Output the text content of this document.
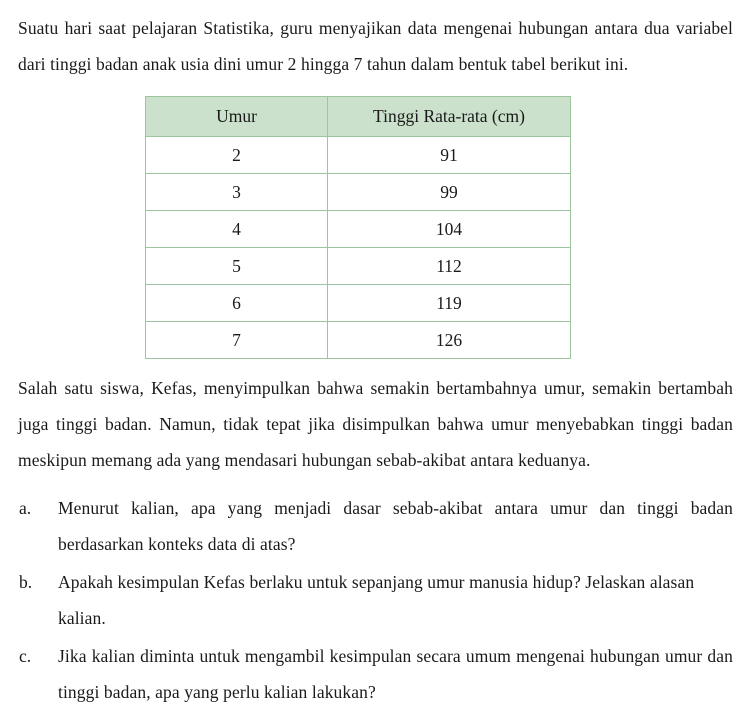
Suatu hari saat pelajaran Statistika, guru menyajikan data mengenai hubungan antara dua variabel dari tinggi badan anak usia dini umur 2 hingga 7 tahun dalam bentuk tabel berikut ini.

Umur	Tinggi Rata-rata (cm)
2	91
3	99
4	104
5	112
6	119
7	126

Salah satu siswa, Kefas, menyimpulkan bahwa semakin bertambahnya umur, semakin bertambah juga tinggi badan. Namun, tidak tepat jika disimpulkan bahwa umur menyebabkan tinggi badan meskipun memang ada yang mendasari hubungan sebab-akibat antara keduanya.

a.	Menurut kalian, apa yang menjadi dasar sebab-akibat antara umur dan tinggi badan berdasarkan konteks data di atas?
b.	Apakah kesimpulan Kefas berlaku untuk sepanjang umur manusia hidup? Jelaskan alasan kalian.
c.	Jika kalian diminta untuk mengambil kesimpulan secara umum mengenai hubungan umur dan tinggi badan, apa yang perlu kalian lakukan?
